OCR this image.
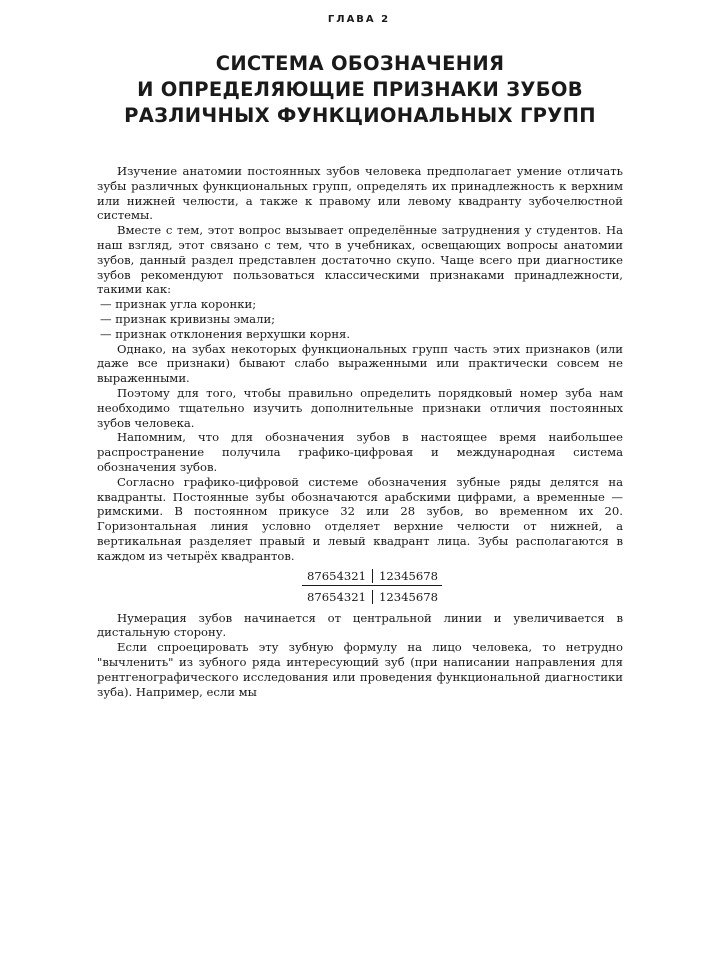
ГЛАВА 2
СИСТЕМА ОБОЗНАЧЕНИЯ
И ОПРЕДЕЛЯЮЩИЕ ПРИЗНАКИ ЗУБОВ
РАЗЛИЧНЫХ ФУНКЦИОНАЛЬНЫХ ГРУПП

Изучение анатомии постоянных зубов человека предполагает умение отличать зубы различных функциональных групп, определять их принадлежность к верхним или нижней челюсти, а также к правому или левому квадранту зубочелюстной системы.

Вместе с тем, этот вопрос вызывает определённые затруднения у студентов. На наш взгляд, этот связано с тем, что в учебниках, освещающих вопросы анатомии зубов, данный раздел представлен достаточно скупо. Чаще всего при диагностике зубов рекомендуют пользоваться классическими признаками принадлежности, такими как:

— признак угла коронки;

— признак кривизны эмали;

— признак отклонения верхушки корня.

Однако, на зубах некоторых функциональных групп часть этих признаков (или даже все признаки) бывают слабо выраженными или практически совсем не выраженными.

Поэтому для того, чтобы правильно определить порядковый номер зуба нам необходимо тщательно изучить дополнительные признаки отличия постоянных зубов человека.

Напомним, что для обозначения зубов в настоящее время наибольшее распространение получила графико-цифровая и международная система обозначения зубов.

Согласно графико-цифровой системе обозначения зубные ряды делятся на квадранты. Постоянные зубы обозначаются арабскими цифрами, а временные — римскими. В постоянном прикусе 32 или 28 зубов, во временном их 20. Горизонтальная линия условно отделяет верхние челюсти от нижней, а вертикальная разделяет правый и левый квадрант лица. Зубы располагаются в каждом из четырёх квадрантов.

87654321	12345678
87654321	12345678

Нумерация зубов начинается от центральной линии и увеличивается в дистальную сторону.

Если спроецировать эту зубную формулу на лицо человека, то нетрудно "вычленить" из зубного ряда интересующий зуб (при написании направления для рентгенографического исследования или проведения функциональной диагностики зуба). Например, если мы
